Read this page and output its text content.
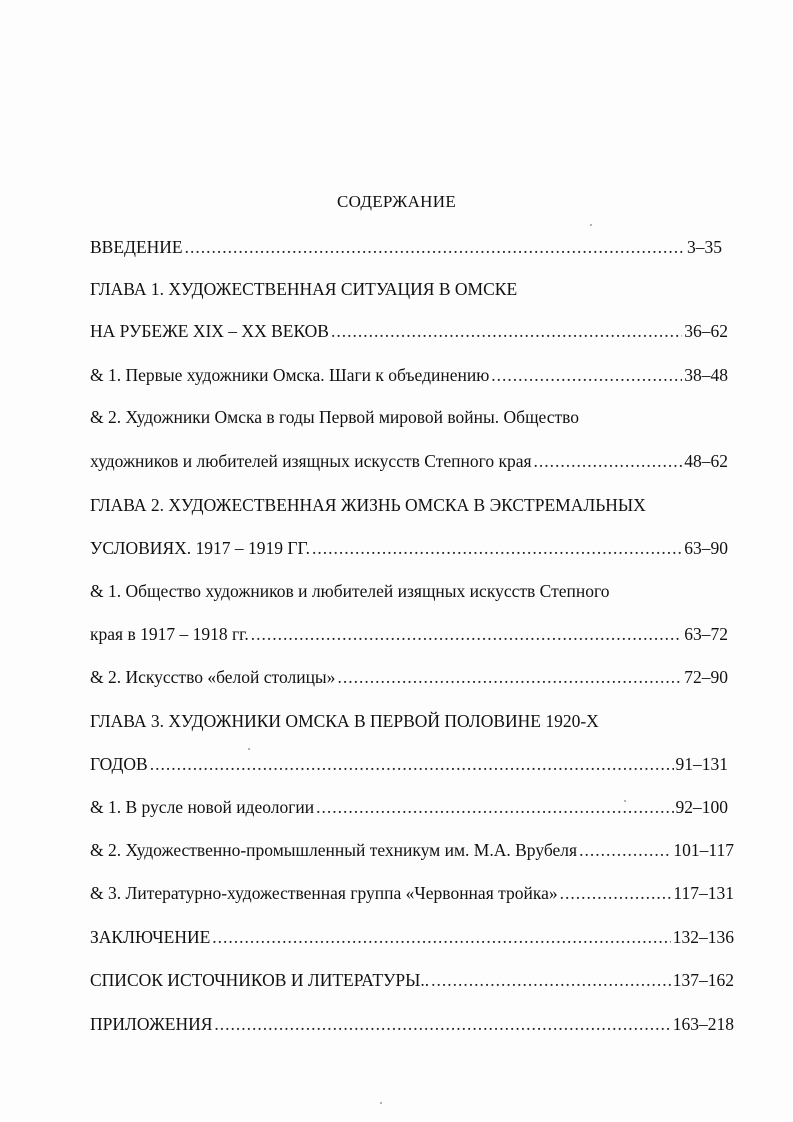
СОДЕРЖАНИЕ
ВВЕДЕНИЕ .....	3–35
ГЛАВА 1. ХУДОЖЕСТВЕННАЯ СИТУАЦИЯ В ОМСКЕ
НА РУБЕЖЕ XIX – XX ВЕКОВ .....	36–62
& 1. Первые художники Омска. Шаги к объединению .....	38–48
& 2. Художники Омска в годы Первой мировой войны. Общество
художников и любителей изящных искусств Степного края .....	48–62
ГЛАВА 2. ХУДОЖЕСТВЕННАЯ ЖИЗНЬ ОМСКА В ЭКСТРЕМАЛЬНЫХ
УСЛОВИЯХ. 1917 – 1919 ГГ. .....	63–90
& 1. Общество художников и любителей изящных искусств Степного
края в 1917 – 1918 гг. .....	63–72
& 2. Искусство «белой столицы» .....	72–90
ГЛАВА 3. ХУДОЖНИКИ ОМСКА В ПЕРВОЙ ПОЛОВИНЕ 1920-Х
ГОДОВ .....	91–131
& 1. В русле новой идеологии .....	92–100
& 2. Художественно-промышленный техникум им. М.А. Врубеля .....	101–117
& 3. Литературно-художественная группа «Червонная тройка» .....	117–131
ЗАКЛЮЧЕНИЕ .....	132–136
СПИСОК ИСТОЧНИКОВ И ЛИТЕРАТУРЫ.. .....	137–162
ПРИЛОЖЕНИЯ .....	163–218
